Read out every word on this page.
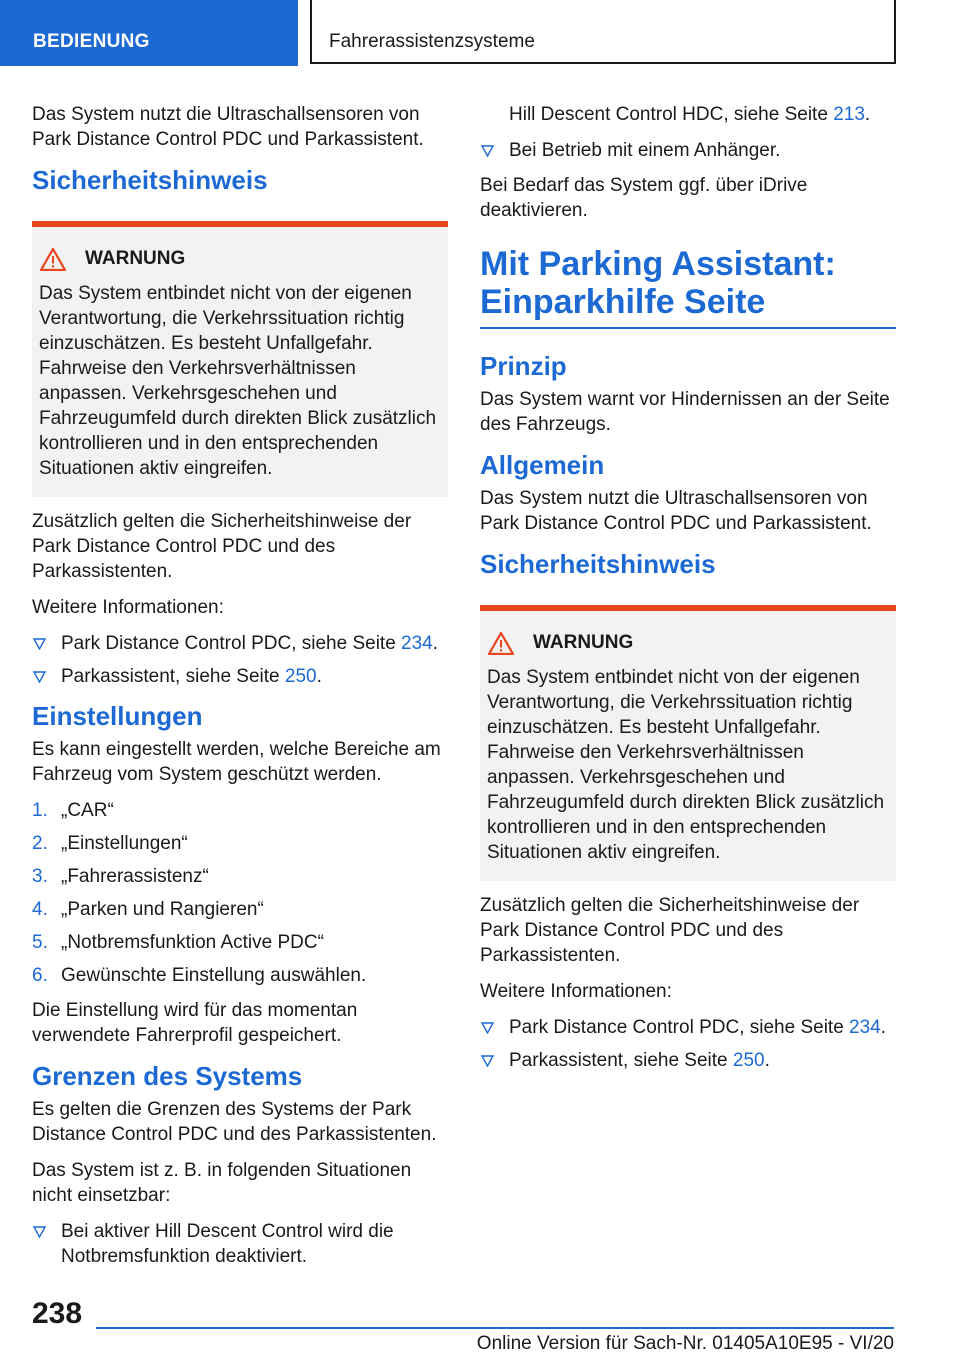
BEDIENUNG	Fahrerassistenzsysteme

Das System nutzt die Ultraschallsensoren von Park Distance Control PDC und Parkassistent.

Sicherheitshinweis
WARNUNG
Das System entbindet nicht von der eigenen Verantwortung, die Verkehrssituation richtig einzuschätzen. Es besteht Unfallgefahr. Fahrweise den Verkehrsverhältnissen anpassen. Verkehrsgeschehen und Fahrzeugumfeld durch direkten Blick zusätzlich kontrollieren und in den entsprechenden Situationen aktiv eingreifen.

Zusätzlich gelten die Sicherheitshinweise der Park Distance Control PDC und des Parkassistenten.

Weitere Informationen:

Park Distance Control PDC, siehe Seite 234.
Parkassistent, siehe Seite 250.
Einstellungen

Es kann eingestellt werden, welche Bereiche am Fahrzeug vom System geschützt werden.

1. „CAR“
2. „Einstellungen“
3. „Fahrerassistenz“
4. „Parken und Rangieren“
5. „Notbremsfunktion Active PDC“
6. Gewünschte Einstellung auswählen.

Die Einstellung wird für das momentan verwendete Fahrerprofil gespeichert.

Grenzen des Systems

Es gelten die Grenzen des Systems der Park Distance Control PDC und des Parkassistenten.

Das System ist z. B. in folgenden Situationen nicht einsetzbar:

Bei aktiver Hill Descent Control wird die Notbremsfunktion deaktiviert.

Hill Descent Control HDC, siehe Seite 213.

Bei Betrieb mit einem Anhänger.

Bei Bedarf das System ggf. über iDrive deaktivieren.

Mit Parking Assistant: Einparkhilfe Seite
Prinzip

Das System warnt vor Hindernissen an der Seite des Fahrzeugs.

Allgemein

Das System nutzt die Ultraschallsensoren von Park Distance Control PDC und Parkassistent.

Sicherheitshinweis
WARNUNG
Das System entbindet nicht von der eigenen Verantwortung, die Verkehrssituation richtig einzuschätzen. Es besteht Unfallgefahr. Fahrweise den Verkehrsverhältnissen anpassen. Verkehrsgeschehen und Fahrzeugumfeld durch direkten Blick zusätzlich kontrollieren und in den entsprechenden Situationen aktiv eingreifen.

Zusätzlich gelten die Sicherheitshinweise der Park Distance Control PDC und des Parkassistenten.

Weitere Informationen:

Park Distance Control PDC, siehe Seite 234.
Parkassistent, siehe Seite 250.
238
Online Version für Sach-Nr. 01405A10E95 - VI/20
